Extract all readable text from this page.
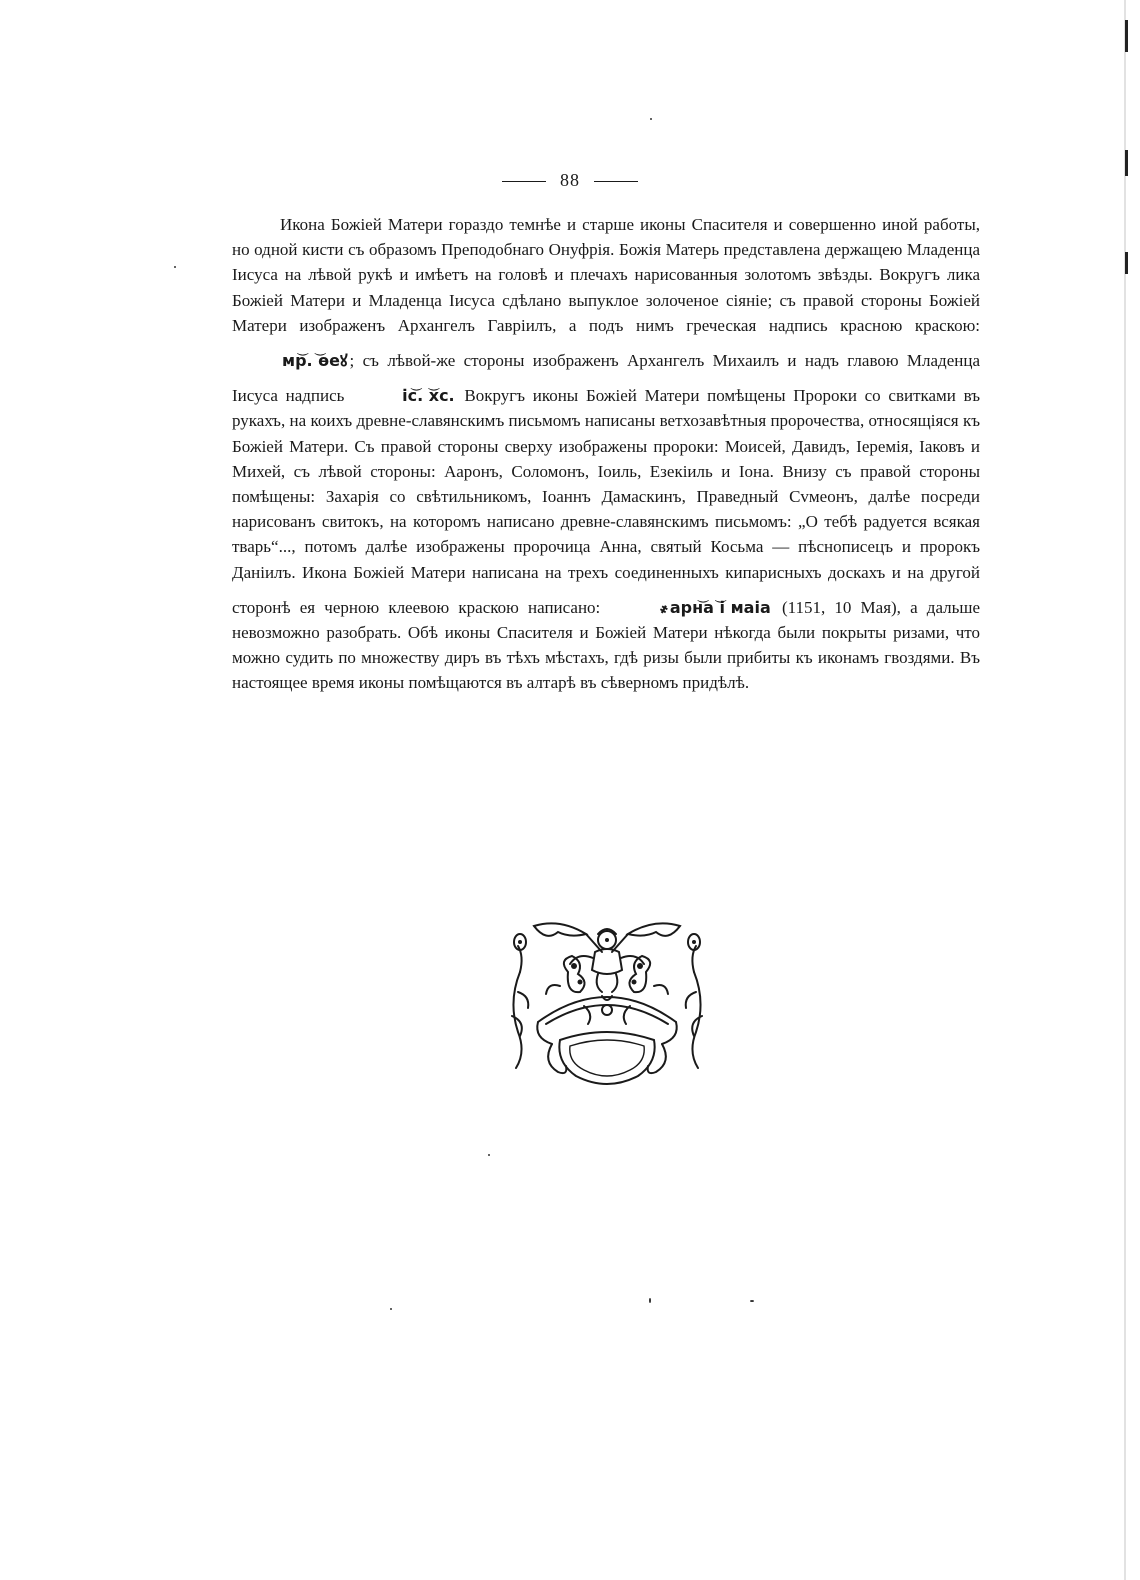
88

Икона Божіей Матери гораздо темнѣе и старше иконы Спасителя и совершенно иной работы, но одной кисти съ образомъ Преподобнаго Онуфрія. Божія Матерь представлена держащею Младенца Іисуса на лѣвой рукѣ и имѣетъ на головѣ и плечахъ нарисованныя золотомъ звѣзды. Вокругъ лика Божіей Матери и Младенца Іисуса сдѣлано выпуклое золоченое сіяніе; съ правой стороны Божіей Матери изображенъ Архангелъ Гавріилъ, а подъ нимъ греческая надпись красною краскою:
⏝⏝
мр. ѳеꙋ ; съ лѣвой-же стороны изображенъ Архангелъ Михаилъ и надъ главою Младенца Іисуса надпись
⏝⏝
іс. хс. Вокругъ иконы Божіей Матери помѣщены Пророки со свитками въ рукахъ, на коихъ древне-славянскимъ письмомъ написаны ветхозавѣтныя пророчества, относящіяся къ Божіей Матери. Съ правой стороны сверху изображены пророки: Моисей, Давидъ, Іеремія, Іаковъ и Михей, съ лѣвой стороны: Ааронъ, Соломонъ, Іоиль, Езекіиль и Іона. Внизу съ правой стороны помѣщены: Захарія со свѣтильникомъ, Іоаннъ Дамаскинъ, Праведный Сvмеонъ, далѣе посреди нарисованъ свитокъ, на которомъ написано древне-славянскимъ письмомъ: „О тебѣ радуется всякая тварь“..., потомъ далѣе изображены пророчица Анна, святый Косьма — пѣснописецъ и пророкъ Даніилъ. Икона Божіей Матери написана на трехъ соединенныхъ кипарисныхъ доскахъ и на другой сторонѣ ея черною клеевою краскою написано:
⏝⏝
҂арна і маіа (1151, 10 Мая), а дальше невозможно разобрать. Обѣ иконы Спасителя и Божіей Матери нѣкогда были покрыты ризами, что можно судить по множеству диръ въ тѣхъ мѣстахъ, гдѣ ризы были прибиты къ иконамъ гвоздями. Въ настоящее время иконы помѣщаются въ алтарѣ въ сѣверномъ придѣлѣ.
